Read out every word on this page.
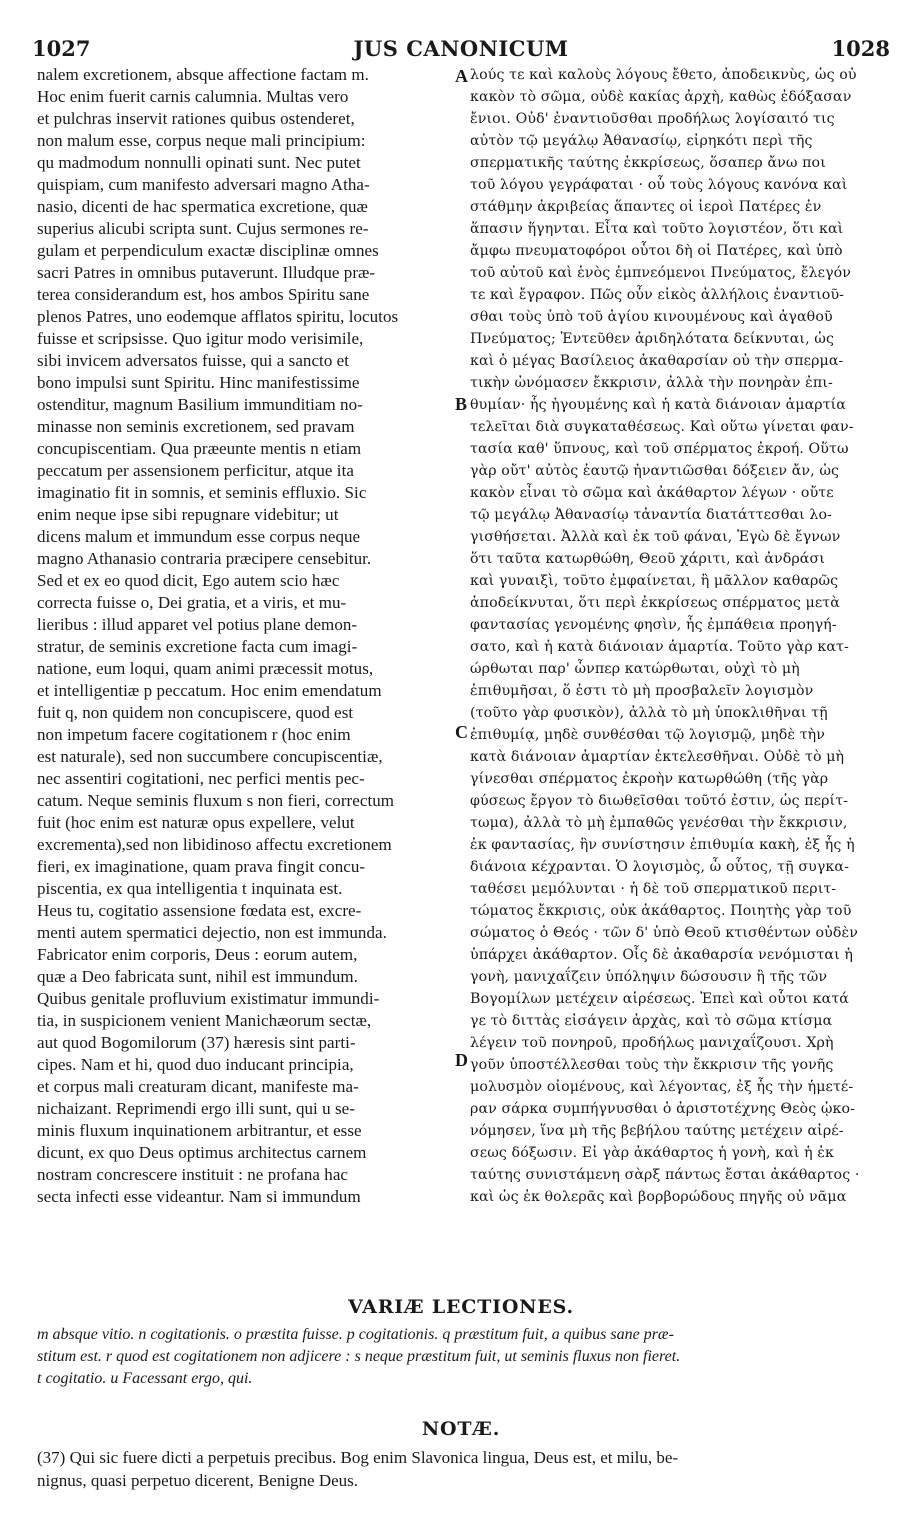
1027	JUS CANONICUM	1028
nalem excretionem, absque affectione factam m.
Hoc enim fuerit carnis calumnia. Multas vero
et pulchras inservit rationes quibus ostenderet,
non malum esse, corpus neque mali principium:
qu madmodum nonnulli opinati sunt. Nec putet
quispiam, cum manifesto adversari magno Atha-
nasio, dicenti de hac spermatica excretione, quæ
superius alicubi scripta sunt. Cujus sermones re-
gulam et perpendiculum exactæ disciplinæ omnes
sacri Patres in omnibus putaverunt. Illudque præ-
terea considerandum est, hos ambos Spiritu sane
plenos Patres, uno eodemque afflatos spiritu, locutos
fuisse et scripsisse. Quo igitur modo verisimile,
sibi invicem adversatos fuisse, qui a sancto et
bono impulsi sunt Spiritu. Hinc manifestissime
ostenditur, magnum Basilium immunditiam no-
minasse non seminis excretionem, sed pravam
concupiscentiam. Qua præeunte mentis n etiam
peccatum per assensionem perficitur, atque ita
imaginatio fit in somnis, et seminis effluxio. Sic
enim neque ipse sibi repugnare videbitur; ut
dicens malum et immundum esse corpus neque
magno Athanasio contraria præcipere censebitur.
Sed et ex eo quod dicit, Ego autem scio hæc
correcta fuisse o, Dei gratia, et a viris, et mu-
lieribus : illud apparet vel potius plane demon-
stratur, de seminis excretione facta cum imagi-
natione, eum loqui, quam animi præcessit motus,
et intelligentiæ p peccatum. Hoc enim emendatum
fuit q, non quidem non concupiscere, quod est
non impetum facere cogitationem r (hoc enim
est naturale), sed non succumbere concupiscentiæ,
nec assentiri cogitationi, nec perfici mentis pec-
catum. Neque seminis fluxum s non fieri, correctum
fuit (hoc enim est naturæ opus expellere, velut
excrementa),sed non libidinoso affectu excretionem
fieri, ex imaginatione, quam prava fingit concu-
piscentia, ex qua intelligentia t inquinata est.
Heus tu, cogitatio assensione fœdata est, excre-
menti autem spermatici dejectio, non est immunda.
Fabricator enim corporis, Deus : eorum autem,
quæ a Deo fabricata sunt, nihil est immundum.
Quibus genitale profluvium existimatur immundi-
tia, in suspicionem venient Manichæorum sectæ,
aut quod Bogomilorum (37) hæresis sint parti-
cipes. Nam et hi, quod duo inducant principia,
et corpus mali creaturam dicant, manifeste ma-
nichaizant. Reprimendi ergo illi sunt, qui u se-
minis fluxum inquinationem arbitrantur, et esse
dicunt, ex quo Deus optimus architectus carnem
nostram concrescere instituit : ne profana hac
secta infecti esse videantur. Nam si immundum
λούς τε καὶ καλοὺς λόγους ἔθετο, ἀποδεικνὺς, ὡς οὐ
κακὸν τὸ σῶμα, οὐδὲ κακίας ἀρχὴ, καθὼς ἐδόξασαν
ἔνιοι. Οὐδ' ἐναντιοῦσθαι προδήλως λογίσαιτό τις
αὐτὸν τῷ μεγάλῳ Ἀθανασίῳ, εἰρηκότι περὶ τῆς
σπερματικῆς ταύτης ἐκκρίσεως, ὅσαπερ ἄνω ποι
τοῦ λόγου γεγράφαται · οὗ τοὺς λόγους κανόνα καὶ
στάθμην ἀκριβείας ἅπαντες οἱ ἱεροὶ Πατέρες ἐν
ἅπασιν ἥγηνται. Εἶτα καὶ τοῦτο λογιστέον, ὅτι καὶ
ἄμφω πνευματοφόροι οὗτοι δὴ οἱ Πατέρες, καὶ ὑπὸ
τοῦ αὐτοῦ καὶ ἑνὸς ἐμπνεόμενοι Πνεύματος, ἔλεγόν
τε καὶ ἔγραφον. Πῶς οὖν εἰκὸς ἀλλήλοις ἐναντιοῦ-
σθαι τοὺς ὑπὸ τοῦ ἁγίου κινουμένους καὶ ἀγαθοῦ
Πνεύματος; Ἐντεῦθεν ἀριδηλότατα δείκνυται, ὡς
καὶ ὁ μέγας Βασίλειος ἀκαθαρσίαν οὐ τὴν σπερμα-
τικὴν ὠνόμασεν ἔκκρισιν, ἀλλὰ τὴν πονηρὰν ἐπι-
θυμίαν· ἧς ἡγουμένης καὶ ἡ κατὰ διάνοιαν ἁμαρτία
τελεῖται διὰ συγκαταθέσεως. Καὶ οὕτω γίνεται φαν-
τασία καθ' ὕπνους, καὶ τοῦ σπέρματος ἐκροή. Οὕτω
γὰρ οὔτ' αὐτὸς ἑαυτῷ ἠναντιῶσθαι δόξειεν ἄν, ὡς
κακὸν εἶναι τὸ σῶμα καὶ ἀκάθαρτον λέγων · οὔτε
τῷ μεγάλῳ Ἀθανασίῳ τἀναντία διατάττεσθαι λο-
γισθήσεται. Ἀλλὰ καὶ ἐκ τοῦ φάναι, Ἐγὼ δὲ ἔγνων
ὅτι ταῦτα κατωρθώθη, Θεοῦ χάριτι, καὶ ἀνδράσι
καὶ γυναιξὶ, τοῦτο ἐμφαίνεται, ἢ μᾶλλον καθαρῶς
ἀποδείκνυται, ὅτι περὶ ἐκκρίσεως σπέρματος μετὰ
φαντασίας γενομένης φησὶν, ἧς ἐμπάθεια προηγή-
σατο, καὶ ἡ κατὰ διάνοιαν ἁμαρτία. Τοῦτο γὰρ κατ-
ώρθωται παρ' ὧνπερ κατώρθωται, οὐχὶ τὸ μὴ
ἐπιθυμῆσαι, ὅ ἐστι τὸ μὴ προσβαλεῖν λογισμὸν
(τοῦτο γὰρ φυσικὸν), ἀλλὰ τὸ μὴ ὑποκλιθῆναι τῇ
ἐπιθυμίᾳ, μηδὲ συνθέσθαι τῷ λογισμῷ, μηδὲ τὴν
κατὰ διάνοιαν ἁμαρτίαν ἐκτελεσθῆναι. Οὐδὲ τὸ μὴ
γίνεσθαι σπέρματος ἐκροὴν κατωρθώθη (τῆς γὰρ
φύσεως ἔργον τὸ διωθεῖσθαι τοῦτό ἐστιν, ὡς περίτ-
τωμα), ἀλλὰ τὸ μὴ ἐμπαθῶς γενέσθαι τὴν ἔκκρισιν,
ἐκ φαντασίας, ἣν συνίστησιν ἐπιθυμία κακὴ, ἐξ ἧς ἡ
διάνοια κέχρανται. Ὁ λογισμὸς, ὦ οὗτος, τῇ συγκα-
ταθέσει μεμόλυνται · ἡ δὲ τοῦ σπερματικοῦ περιτ-
τώματος ἔκκρισις, οὐκ ἀκάθαρτος. Ποιητὴς γὰρ τοῦ
σώματος ὁ Θεός · τῶν δ' ὑπὸ Θεοῦ κτισθέντων οὐδὲν
ὑπάρχει ἀκάθαρτον. Οἷς δὲ ἀκαθαρσία νενόμισται ἡ
γονὴ, μανιχαΐζειν ὑπόληψιν δώσουσιν ἢ τῆς τῶν
Βογομίλων μετέχειν αἱρέσεως. Ἐπεὶ καὶ οὗτοι κατά
γε τὸ διττὰς εἰσάγειν ἀρχὰς, καὶ τὸ σῶμα κτίσμα
λέγειν τοῦ πονηροῦ, προδήλως μανιχαΐζουσι. Χρὴ
γοῦν ὑποστέλλεσθαι τοὺς τὴν ἔκκρισιν τῆς γονῆς
μολυσμὸν οἰομένους, καὶ λέγοντας, ἐξ ἧς τὴν ἡμετέ-
ραν σάρκα συμπήγνυσθαι ὁ ἀριστοτέχνης Θεὸς ᾠκο-
νόμησεν, ἵνα μὴ τῆς βεβήλου ταύτης μετέχειν αἱρέ-
σεως δόξωσιν. Εἰ γὰρ ἀκάθαρτος ἡ γονὴ, καὶ ἡ ἐκ
ταύτης συνιστάμενη σὰρξ πάντως ἔσται ἀκάθαρτος ·
καὶ ὡς ἐκ θολερᾶς καὶ βορβορώδους πηγῆς οὐ νᾶμα
A
B
C
D
VARIÆ LECTIONES.
m absque vitio. n cogitationis. o præstita fuisse. p cogitationis. q præstitum fuit, a quibus sane præ-
stitum est. r quod est cogitationem non adjicere : s neque præstitum fuit, ut seminis fluxus non fieret.
t cogitatio. u Facessant ergo, qui.
NOTÆ.
(37) Qui sic fuere dicti a perpetuis precibus. Bog enim Slavonica lingua, Deus est, et milu, be-
nignus, quasi perpetuo dicerent, Benigne Deus.
